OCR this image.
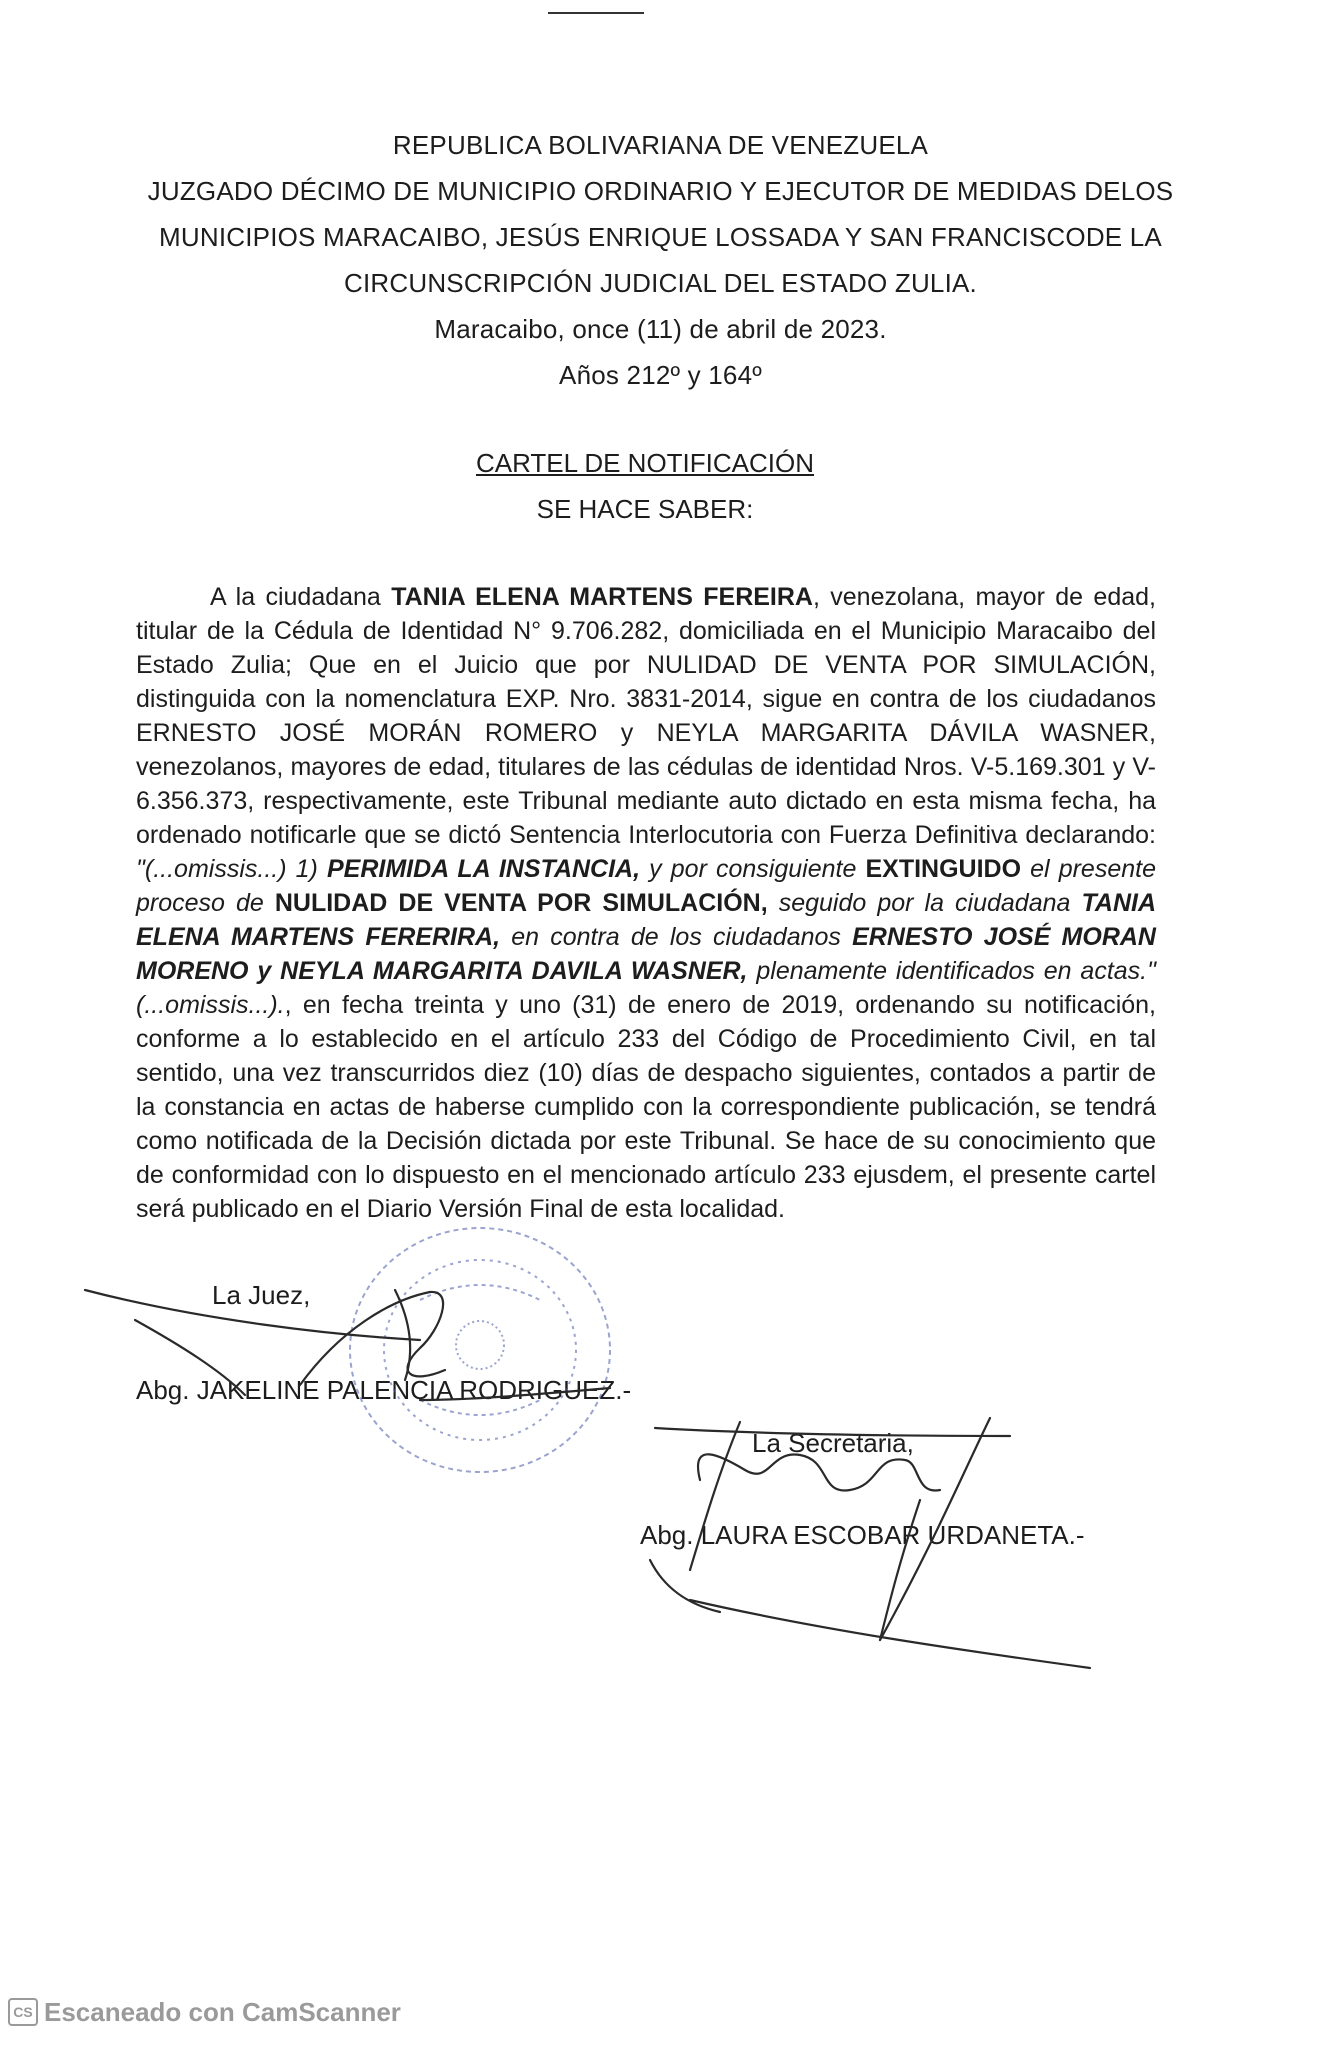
REPUBLICA BOLIVARIANA DE VENEZUELA
JUZGADO DÉCIMO DE MUNICIPIO ORDINARIO Y EJECUTOR DE MEDIDAS DELOS
MUNICIPIOS MARACAIBO, JESÚS ENRIQUE LOSSADA Y SAN FRANCISCODE LA
CIRCUNSCRIPCIÓN JUDICIAL DEL ESTADO ZULIA.
Maracaibo, once (11) de abril de 2023.
Años 212º y 164º
CARTEL DE NOTIFICACIÓN
SE HACE SABER:

A la ciudadana TANIA ELENA MARTENS FEREIRA, venezolana, mayor de edad, titular de la Cédula de Identidad N° 9.706.282, domiciliada en el Municipio Maracaibo del Estado Zulia; Que en el Juicio que por NULIDAD DE VENTA POR SIMULACIÓN, distinguida con la nomenclatura EXP. Nro. 3831-2014, sigue en contra de los ciudadanos ERNESTO JOSÉ MORÁN ROMERO y NEYLA MARGARITA DÁVILA WASNER, venezolanos, mayores de edad, titulares de las cédulas de identidad Nros. V-5.169.301 y V-6.356.373, respectivamente, este Tribunal mediante auto dictado en esta misma fecha, ha ordenado notificarle que se dictó Sentencia Interlocutoria con Fuerza Definitiva declarando: "(...omissis...) 1) PERIMIDA LA INSTANCIA, y por consiguiente EXTINGUIDO el presente proceso de NULIDAD DE VENTA POR SIMULACIÓN, seguido por la ciudadana TANIA ELENA MARTENS FERERIRA, en contra de los ciudadanos ERNESTO JOSÉ MORAN MORENO y NEYLA MARGARITA DAVILA WASNER, plenamente identificados en actas." (...omissis...)., en fecha treinta y uno (31) de enero de 2019, ordenando su notificación, conforme a lo establecido en el artículo 233 del Código de Procedimiento Civil, en tal sentido, una vez transcurridos diez (10) días de despacho siguientes, contados a partir de la constancia en actas de haberse cumplido con la correspondiente publicación, se tendrá como notificada de la Decisión dictada por este Tribunal. Se hace de su conocimiento que de conformidad con lo dispuesto en el mencionado artículo 233 ejusdem, el presente cartel será publicado en el Diario Versión Final de esta localidad.

La Juez,
Abg. JAKELINE PALENCIA RODRIGUEZ.-
La Secretaria,
Abg. LAURA ESCOBAR URDANETA.-
CS Escaneado con CamScanner
